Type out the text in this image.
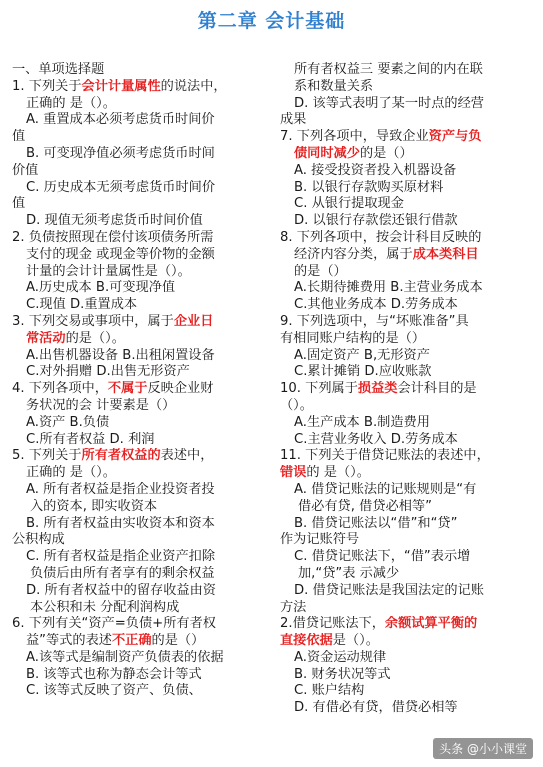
第二章 会计基础
一、单项选择题
1. 下列关于会计计量属性的说法中，
正确的 是（）。
A. 重置成本必须考虑货币时间价
值
B. 可变现净值必须考虑货币时间
价值
C. 历史成本无须考虑货币时间价
值
D. 现值无须考虑货币时间价值
2. 负债按照现在偿付该项债务所需
支付的现金 或现金等价物的金额
计量的会计计量属性是（）。
A.历史成本 B.可变现净值
C.现值 D.重置成本
3. 下列交易或事项中，属于企业日
常活动的是（）。
A.出售机器设备 B.出租闲置设备
C.对外捐赠 D.出售无形资产
4. 下列各项中，不属于反映企业财
务状况的会 计要素是（）
A.资产 B.负债
C.所有者权益 D. 利润
5. 下列关于所有者权益的表述中，
正确的 是（）。
A. 所有者权益是指企业投资者投
入的资本, 即实收资本
B. 所有者权益由实收资本和资本
公积构成
C. 所有者权益是指企业资产扣除
负债后由所有者享有的剩余权益
D. 所有者权益中的留存收益由资
本公积和未 分配利润构成
6. 下列有关“资产=负债+所有者权
益”等式的表述不正确的是（）
A.该等式是编制资产负债表的依据
B. 该等式也称为静态会计等式
C. 该等式反映了资产、负债、
所有者权益三 要素之间的内在联
系和数量关系
D. 该等式表明了某一时点的经营
成果
7. 下列各项中，导致企业资产与负
债同时减少的是（）
A. 接受投资者投入机器设备
B. 以银行存款购买原材料
C. 从银行提取现金
D. 以银行存款偿还银行借款
8. 下列各项中，按会计科目反映的
经济内容分类，属于成本类科目
的是（）
A.长期待摊费用 B.主营业务成本
C.其他业务成本 D.劳务成本
9. 下列选项中，与“坏账准备”具
有相同账户结构的是（）
A.固定资产 B,无形资产
C.累计摊销 D.应收账款
10. 下列属于损益类会计科目的是
（）。
A.生产成本 B.制造费用
C.主营业务收入 D.劳务成本
11. 下列关于借贷记账法的表述中，
错误的 是（）。
A. 借贷记账法的记账规则是“有
借必有贷, 借贷必相等”
B. 借贷记账法以“借”和“贷”
作为记账符号
C. 借贷记账法下，“借”表示增
加,“贷”表 示减少
D. 借贷记账法是我国法定的记账
方法
2.借贷记账法下，余额试算平衡的
直接依据是（）。
A.资金运动规律
B. 财务状况等式
C. 账户结构
D. 有借必有贷，借贷必相等
头条 @小小课堂
